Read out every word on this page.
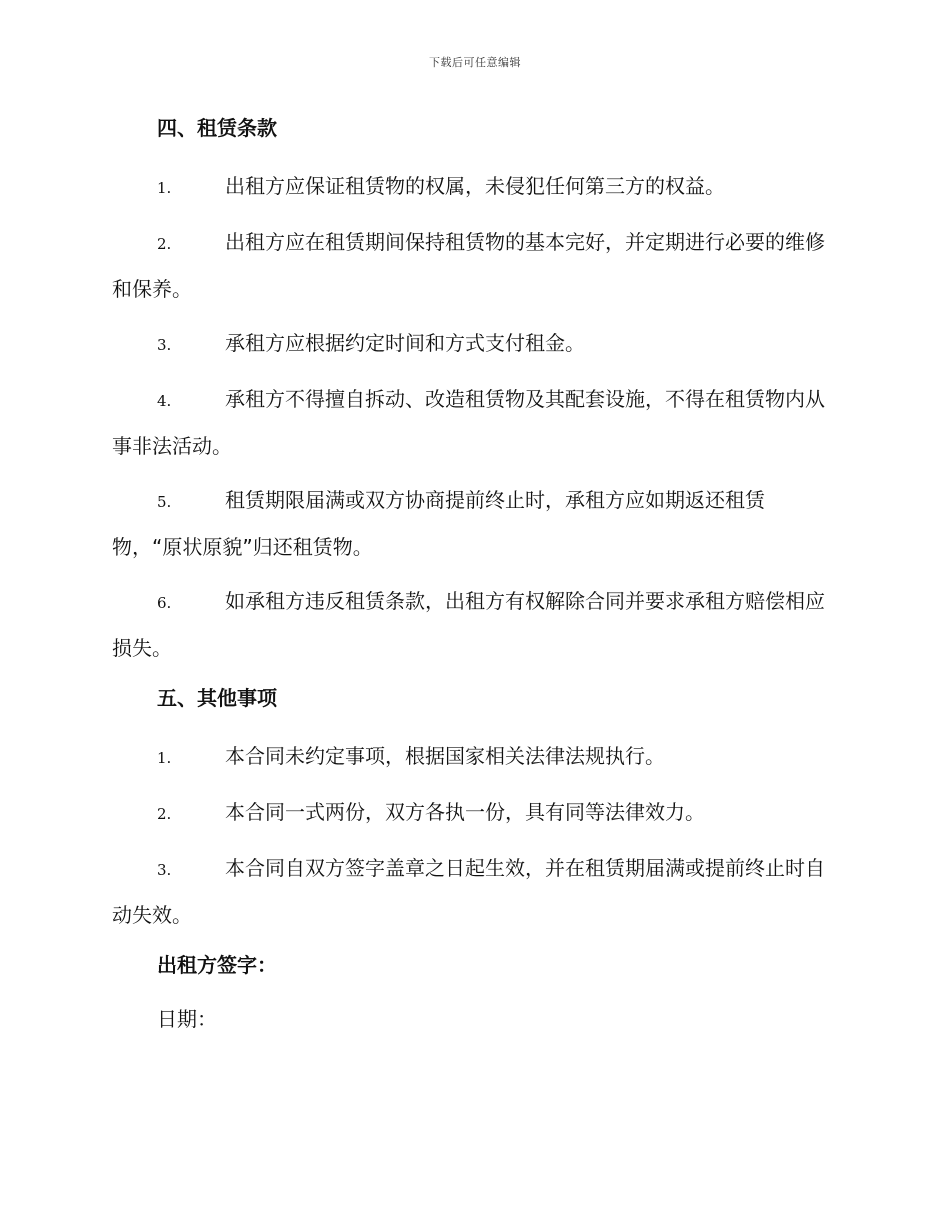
下载后可任意编辑
四、租赁条款

1.	出租方应保证租赁物的权属，未侵犯任何第三方的权益。

2.	出租方应在租赁期间保持租赁物的基本完好，并定期进行必要的维修和保养。

3.	承租方应根据约定时间和方式支付租金。

4.	承租方不得擅自拆动、改造租赁物及其配套设施，不得在租赁物内从事非法活动。

5.	租赁期限届满或双方协商提前终止时，承租方应如期返还租赁物，“原状原貌”归还租赁物。

6.	如承租方违反租赁条款，出租方有权解除合同并要求承租方赔偿相应损失。

五、其他事项

1.	本合同未约定事项，根据国家相关法律法规执行。

2.	本合同一式两份，双方各执一份，具有同等法律效力。

3.	本合同自双方签字盖章之日起生效，并在租赁期届满或提前终止时自动失效。

出租方签字：
日期：
